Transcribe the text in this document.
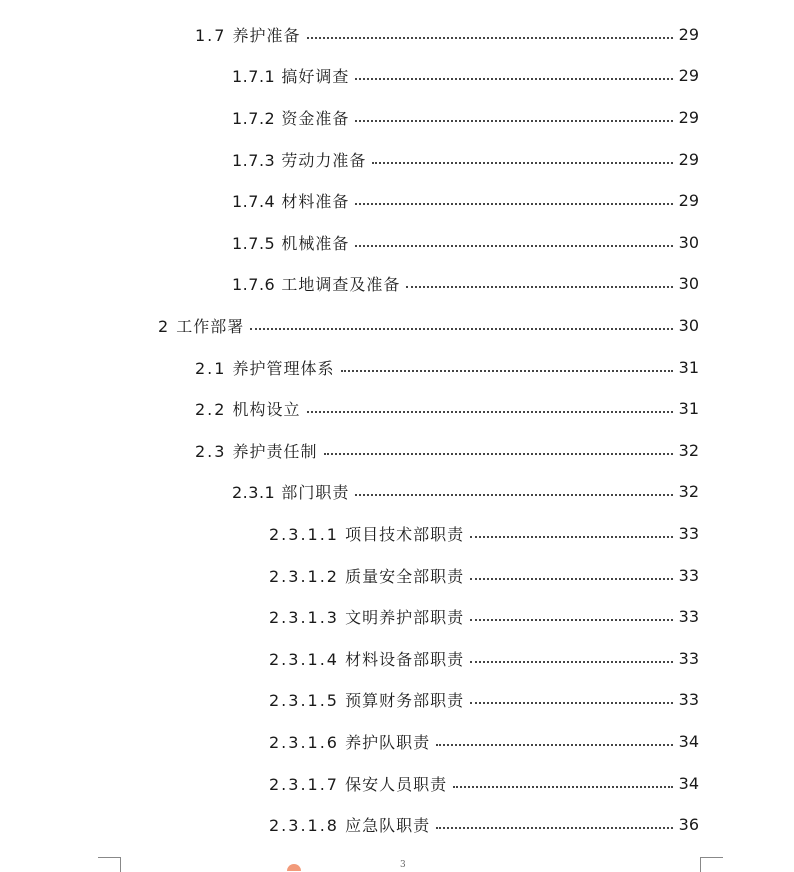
1.7 养护准备	29
1.7.1 搞好调查	29
1.7.2 资金准备	29
1.7.3 劳动力准备	29
1.7.4 材料准备	29
1.7.5 机械准备	30
1.7.6 工地调查及准备	30
2 工作部署	30
2.1 养护管理体系	31
2.2 机构设立	31
2.3 养护责任制	32
2.3.1 部门职责	32
2.3.1.1 项目技术部职责	33
2.3.1.2 质量安全部职责	33
2.3.1.3 文明养护部职责	33
2.3.1.4 材料设备部职责	33
2.3.1.5 预算财务部职责	33
2.3.1.6 养护队职责	34
2.3.1.7 保安人员职责	34
2.3.1.8 应急队职责	36
3
